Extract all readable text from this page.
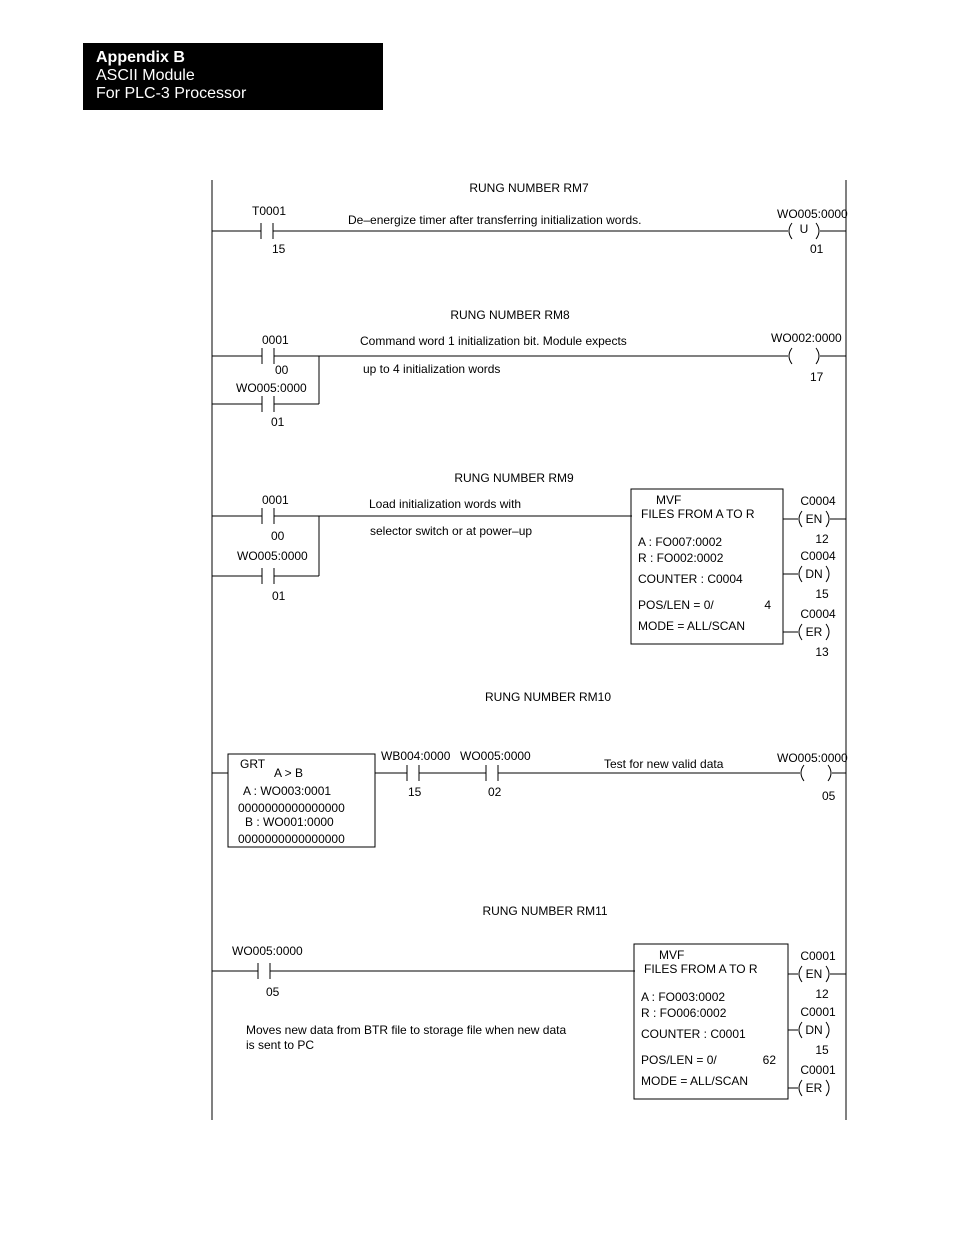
Appendix B
ASCII Module
For PLC-3 Processor
RUNG NUMBER RM7
T0001
15
De–energize timer after transferring initialization words.
U
WO005:0000
01
RUNG NUMBER RM8
0001
00
WO005:0000
01
Command word 1 initialization bit. Module expects
up to 4 initialization words
WO002:0000
17
RUNG NUMBER RM9
0001
00
WO005:0000
01
Load initialization words with
selector switch or at power–up
MVF
FILES FROM A TO R
A : FO007:0002
R : FO002:0002
COUNTER : C0004
POS/LEN = 0/
MODE = ALL/SCAN
4
EN
C0004
12
DN
C0004
15
ER
C0004
13
RUNG NUMBER RM10
GRT
A > B
A : WO003:0001
0000000000000000
B : WO001:0000
0000000000000000
WB004:0000
15
WO005:0000
02
Test for new valid data	WO005:0000
05
RUNG NUMBER RM11
WO005:0000
05
Moves new data from BTR file to storage file when new data
is sent to PC
MVF
FILES FROM A TO R
A : FO003:0002
R : FO006:0002
COUNTER : C0001
POS/LEN = 0/
MODE = ALL/SCAN
62
EN
C0001
12
DN
C0001
15
ER
C0001
